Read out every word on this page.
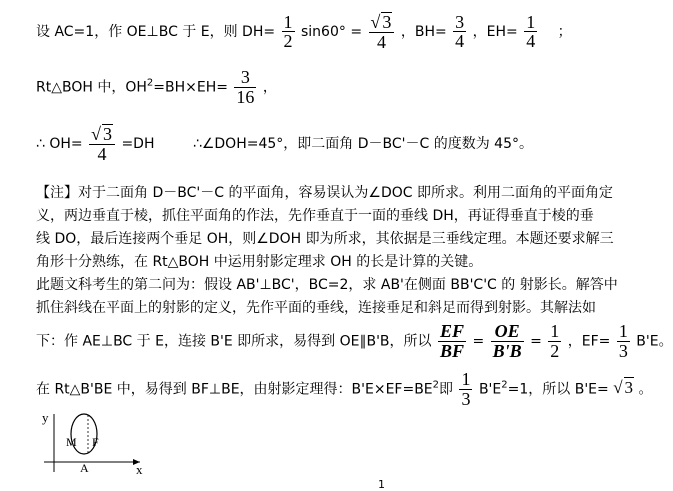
设 AC=1，作 OE⊥BC 于 E，则 $DH= \frac{1}{2} \sin 60^\circ = \frac{√ 3}{4}$ ，$BH= \frac{3}{4}$ ，$EH= \frac{1}{4}$ ；
Rt△BOH 中，$OH^2=BH\times EH= \frac{3}{16}$ ，
∴ $OH= \frac{√ 3}{4} =DH$	∴∠DOH=45°，即二面角 D－BC'－C 的度数为 45°。
【注】对于二面角 D－BC'－C 的平面角，容易误认为∠DOC 即所求。利用二面角的平面角定
义，两边垂直于棱，抓住平面角的作法，先作垂直于一面的垂线 DH，再证得垂直于棱的垂
线 DO，最后连接两个垂足 OH，则∠DOH 即为所求，其依据是三垂线定理。本题还要求解三
角形十分熟练，在 Rt△BOH 中运用射影定理求 OH 的长是计算的关键。
此题文科考生的第二问为：假设 AB'⊥BC'，BC=2，求 AB'在侧面 BB'C'C 的 射影长。解答中
抓住斜线在平面上的射影的定义，先作平面的垂线，连接垂足和斜足而得到射影。其解法如
下：作 AE⊥BC 于 E，连接 B'E 即所求，易得到 OE∥B'B，所以 $\frac{EF}{BF} = \frac{OE}{B'B} = \frac{1}{2}$ ，$EF= \frac{1}{3} B'E$。
在 Rt△B'BE 中，易得到 BF⊥BE，由射影定理得：$B'E\times EF=BE^2$即 $\frac{1}{3} B'E^2=1$，所以 B'E= √ 3 。
y
x
M F
A
1
